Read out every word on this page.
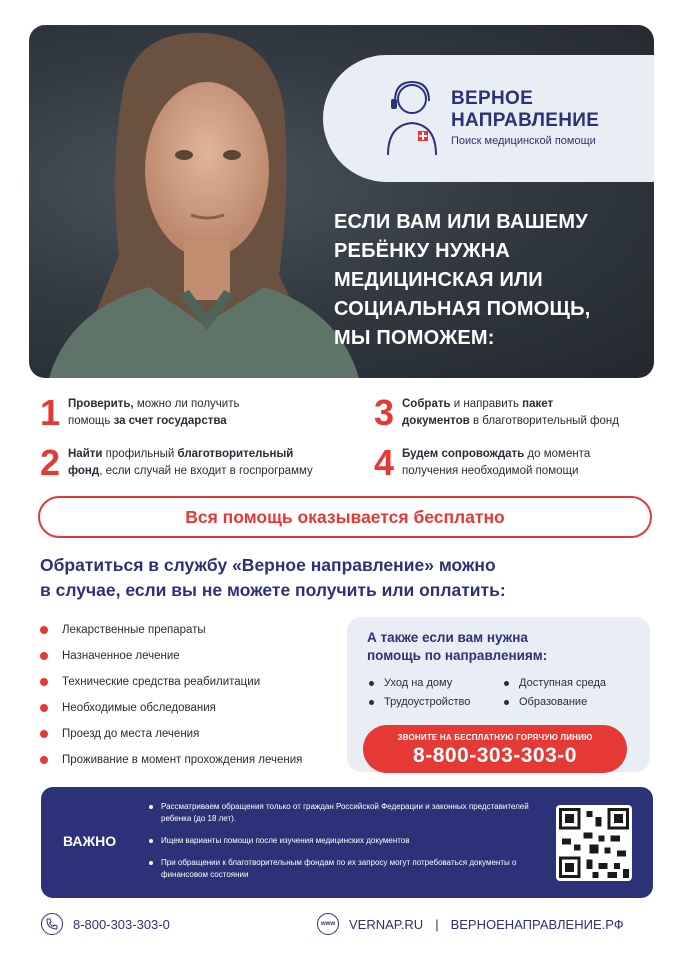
ВЕРНОЕ
НАПРАВЛЕНИЕ
Поиск медицинской помощи
ЕСЛИ ВАМ ИЛИ ВАШЕМУ
РЕБЁНКУ НУЖНА
МЕДИЦИНСКАЯ ИЛИ
СОЦИАЛЬНАЯ ПОМОЩЬ,
МЫ ПОМОЖЕМ:
1 Проверить, можно ли получить
помощь за счет государства
2 Найти профильный благотворительный
фонд, если случай не входит в госпрограмму
3 Собрать и направить пакет
документов в благотворительный фонд
4 Будем сопровождать до момента
получения необходимой помощи
Вся помощь оказывается бесплатно
Обратиться в службу «Верное направление» можно
в случае, если вы не можете получить или оплатить:
Лекарственные препараты
Назначенное лечение
Технические средства реабилитации
Необходимые обследования
Проезд до места лечения
Проживание в момент прохождения лечения
А также если вам нужна
помощь по направлениям:
Уход на дому	Доступная среда
Трудоустройство	Образование
ЗВОНИТЕ НА БЕСПЛАТНУЮ ГОРЯЧУЮ ЛИНИЮ
8-800-303-303-0
ВАЖНО
Рассматриваем обращения только от граждан Российской Федерации и законных представителей ребенка (до 18 лет).
Ищем варианты помощи после изучения медицинских документов
При обращении к благотворительным фондам по их запросу могут потребоваться документы о финансовом состоянии
8-800-303-303-0	www VERNAP.RU | ВЕРНОЕНАПРАВЛЕНИЕ.РФ
